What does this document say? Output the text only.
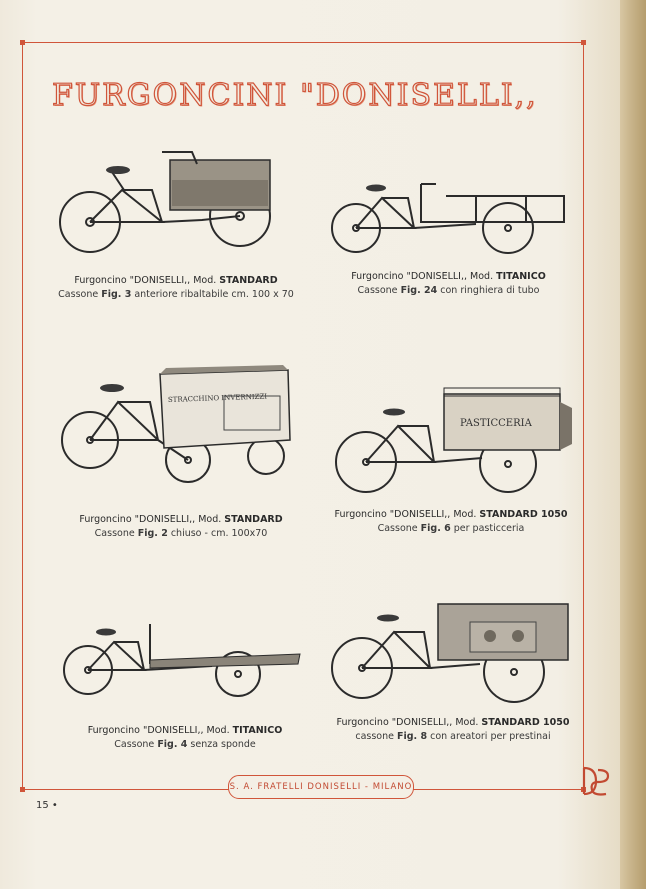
FURGONCINI "DONISELLI,,
Furgoncino "DONISELLI,, Mod. STANDARD
Cassone Fig. 3 anteriore ribaltabile cm. 100 x 70
Furgoncino "DONISELLI,, Mod. TITANICO
Cassone Fig. 24 con ringhiera di tubo
STRACCHINO INVERNIZZI
Furgoncino "DONISELLI,, Mod. STANDARD
Cassone Fig. 2 chiuso - cm. 100x70
PASTICCERIA
Furgoncino "DONISELLI,, Mod. STANDARD 1050
Cassone Fig. 6 per pasticceria
Furgoncino "DONISELLI,, Mod. TITANICO
Cassone Fig. 4 senza sponde
Furgoncino "DONISELLI,, Mod. STANDARD 1050
cassone Fig. 8 con areatori per prestinai
S. A. FRATELLI DONISELLI - MILANO
15 •
